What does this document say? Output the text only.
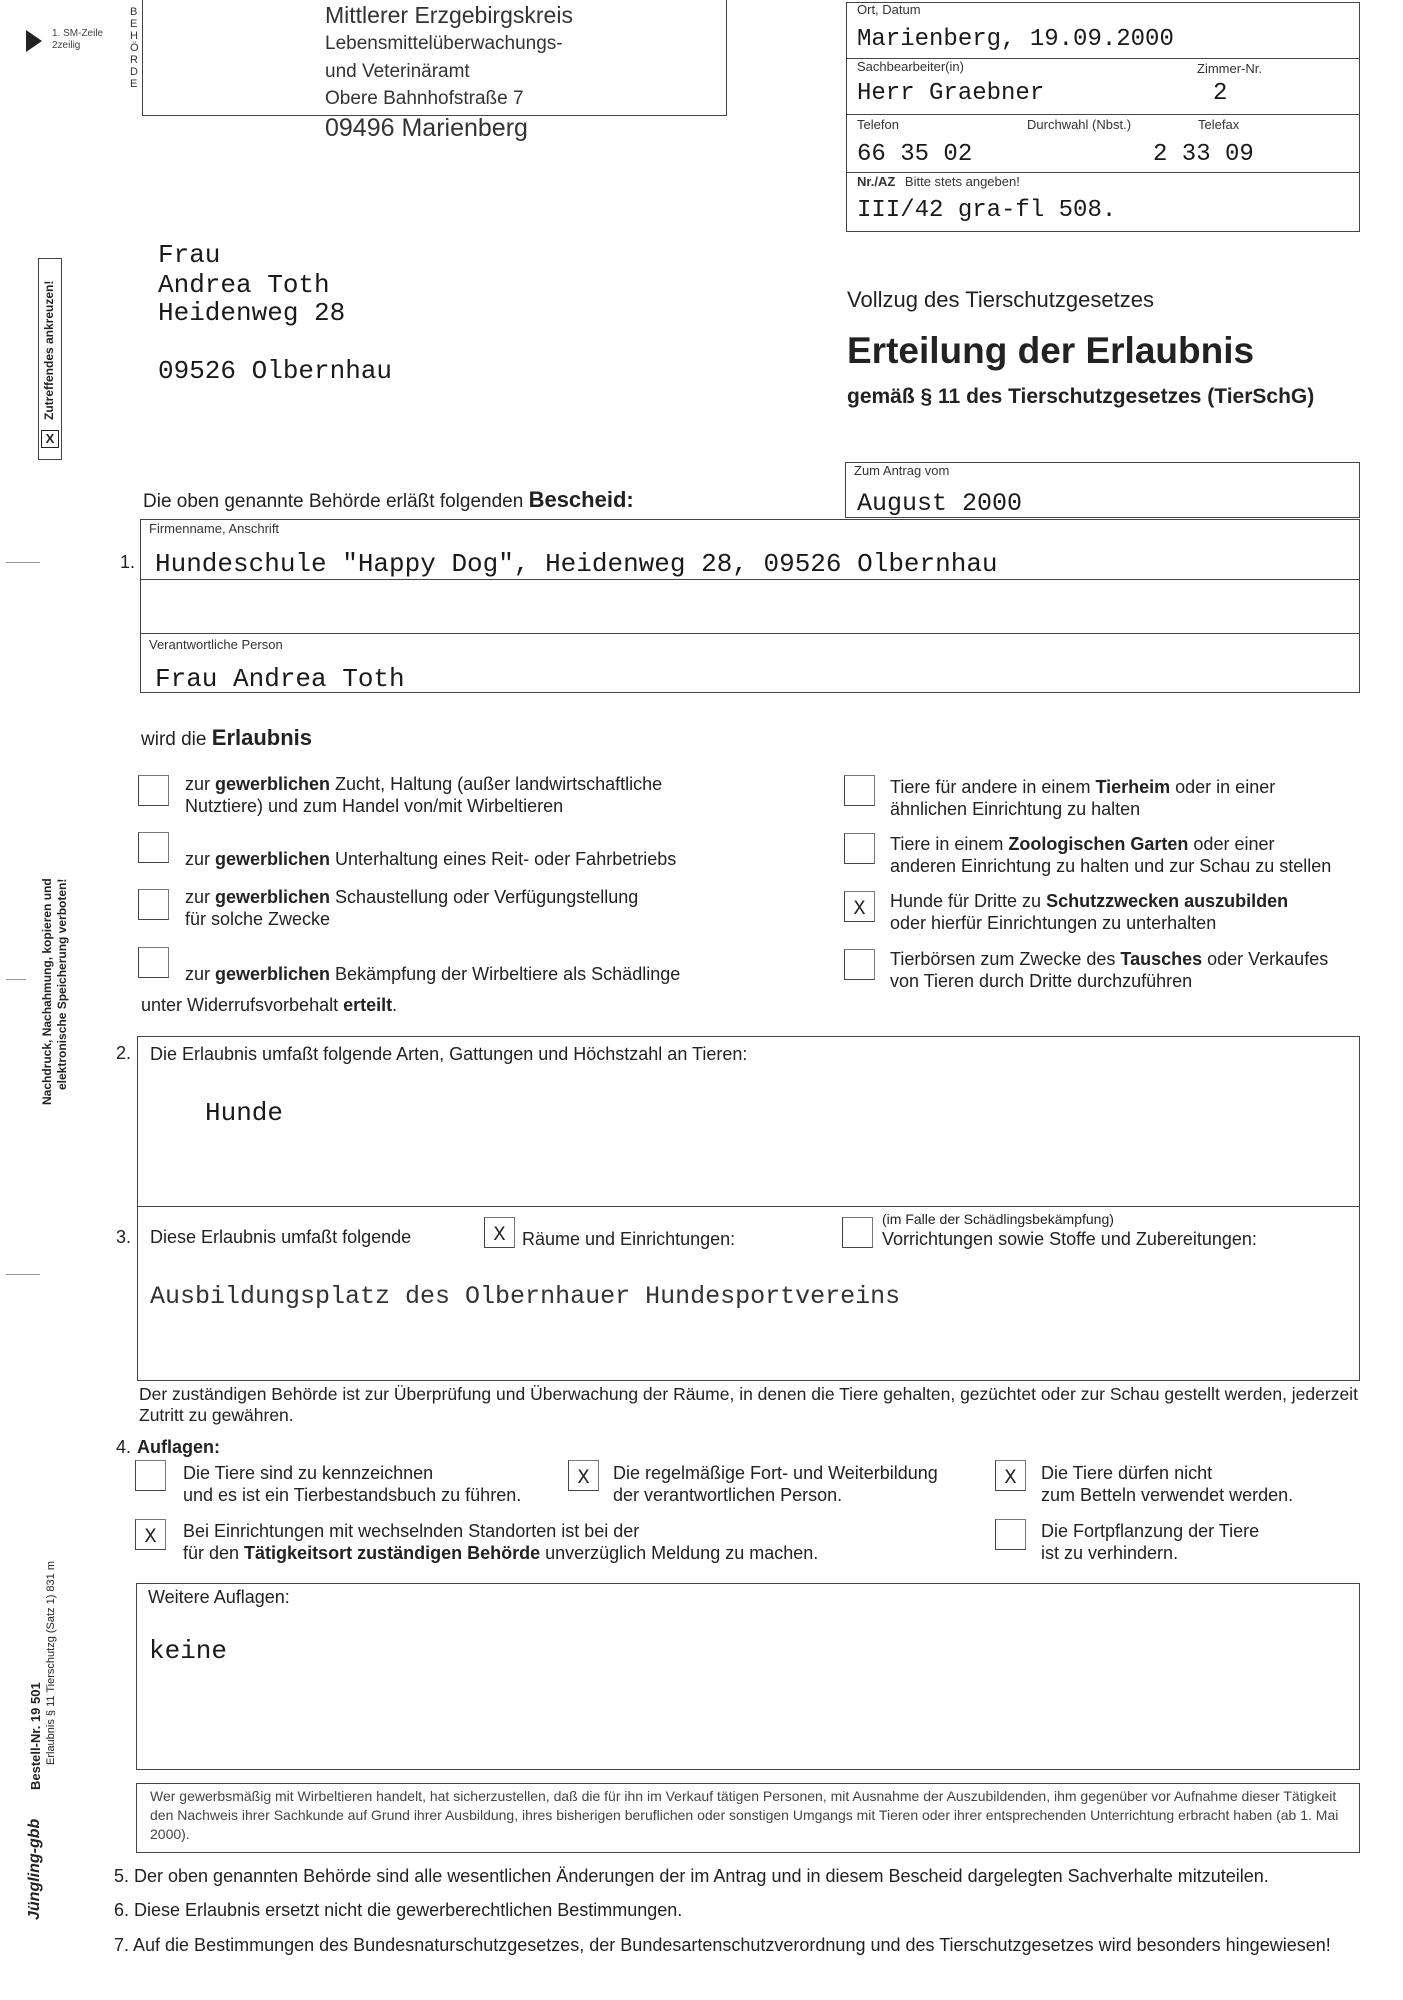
1. SM-Zeile
2zeilig
BEHÖRDE
Zutreffendes ankreuzen!
X
Nachdruck, Nachahmung, kopieren und elektronische Speicherung verboten!
Bestell-Nr. 19 501 Erlaubnis § 11 Tierschutzg (Satz 1) 831 m
Jüngling-gbb
Mittlerer Erzgebirgskreis
Lebensmittelüberwachungs-
und Veterinäramt
Obere Bahnhofstraße 7
09496 Marienberg
Ort, Datum
Marienberg, 19.09.2000
Sachbearbeiter(in)	Zimmer-Nr.
Herr Graebner	2
Telefon	Durchwahl (Nbst.)	Telefax
66 35 02	2 33 09
Nr./AZ Bitte stets angeben!
III/42 gra-fl 508.
Frau
Andrea Toth
Heidenweg 28
09526 Olbernhau
Vollzug des Tierschutzgesetzes
Erteilung der Erlaubnis
gemäß § 11 des Tierschutzgesetzes (TierSchG)
Zum Antrag vom
August 2000
Die oben genannte Behörde erläßt folgenden Bescheid:
1.
Firmenname, Anschrift
Hundeschule "Happy Dog", Heidenweg 28, 09526 Olbernhau
Verantwortliche Person
Frau Andrea Toth
wird die Erlaubnis
zur gewerblichen Zucht, Haltung (außer landwirtschaftliche
Nutztiere) und zum Handel von/mit Wirbeltieren
zur gewerblichen Unterhaltung eines Reit- oder Fahrbetriebs
zur gewerblichen Schaustellung oder Verfügungstellung
für solche Zwecke
zur gewerblichen Bekämpfung der Wirbeltiere als Schädlinge
Tiere für andere in einem Tierheim oder in einer
ähnlichen Einrichtung zu halten
Tiere in einem Zoologischen Garten oder einer
anderen Einrichtung zu halten und zur Schau zu stellen
X	Hunde für Dritte zu Schutzzwecken auszubilden
oder hierfür Einrichtungen zu unterhalten
Tierbörsen zum Zwecke des Tausches oder Verkaufes
von Tieren durch Dritte durchzuführen
unter Widerrufsvorbehalt erteilt.
2. Die Erlaubnis umfaßt folgende Arten, Gattungen und Höchstzahl an Tieren:
Hunde
3. Diese Erlaubnis umfaßt folgende	X Räume und Einrichtungen:
(im Falle der Schädlingsbekämpfung)
Vorrichtungen sowie Stoffe und Zubereitungen:
Ausbildungsplatz des Olbernhauer Hundesportvereins
Der zuständigen Behörde ist zur Überprüfung und Überwachung der Räume, in denen die Tiere gehalten, gezüchtet oder zur Schau gestellt werden, jederzeit Zutritt zu gewähren.
4. Auflagen:
Die Tiere sind zu kennzeichnen
und es ist ein Tierbestandsbuch zu führen.
X	Die regelmäßige Fort- und Weiterbildung
der verantwortlichen Person.
X	Die Tiere dürfen nicht
zum Betteln verwendet werden.
X	Bei Einrichtungen mit wechselnden Standorten ist bei der
für den Tätigkeitsort zuständigen Behörde unverzüglich Meldung zu machen.
Die Fortpflanzung der Tiere
ist zu verhindern.
Weitere Auflagen:
keine
Wer gewerbsmäßig mit Wirbeltieren handelt, hat sicherzustellen, daß die für ihn im Verkauf tätigen Personen, mit Ausnahme der Auszubildenden, ihm gegenüber vor Aufnahme dieser Tätigkeit den Nachweis ihrer Sachkunde auf Grund ihrer Ausbildung, ihres bisherigen beruflichen oder sonstigen Umgangs mit Tieren oder ihrer entsprechenden Unterrichtung erbracht haben (ab 1. Mai 2000).
5. Der oben genannten Behörde sind alle wesentlichen Änderungen der im Antrag und in diesem Bescheid dargelegten Sachverhalte mitzuteilen.
6. Diese Erlaubnis ersetzt nicht die gewerberechtlichen Bestimmungen.
7. Auf die Bestimmungen des Bundesnaturschutzgesetzes, der Bundesartenschutzverordnung und des Tierschutzgesetzes wird besonders hingewiesen!
